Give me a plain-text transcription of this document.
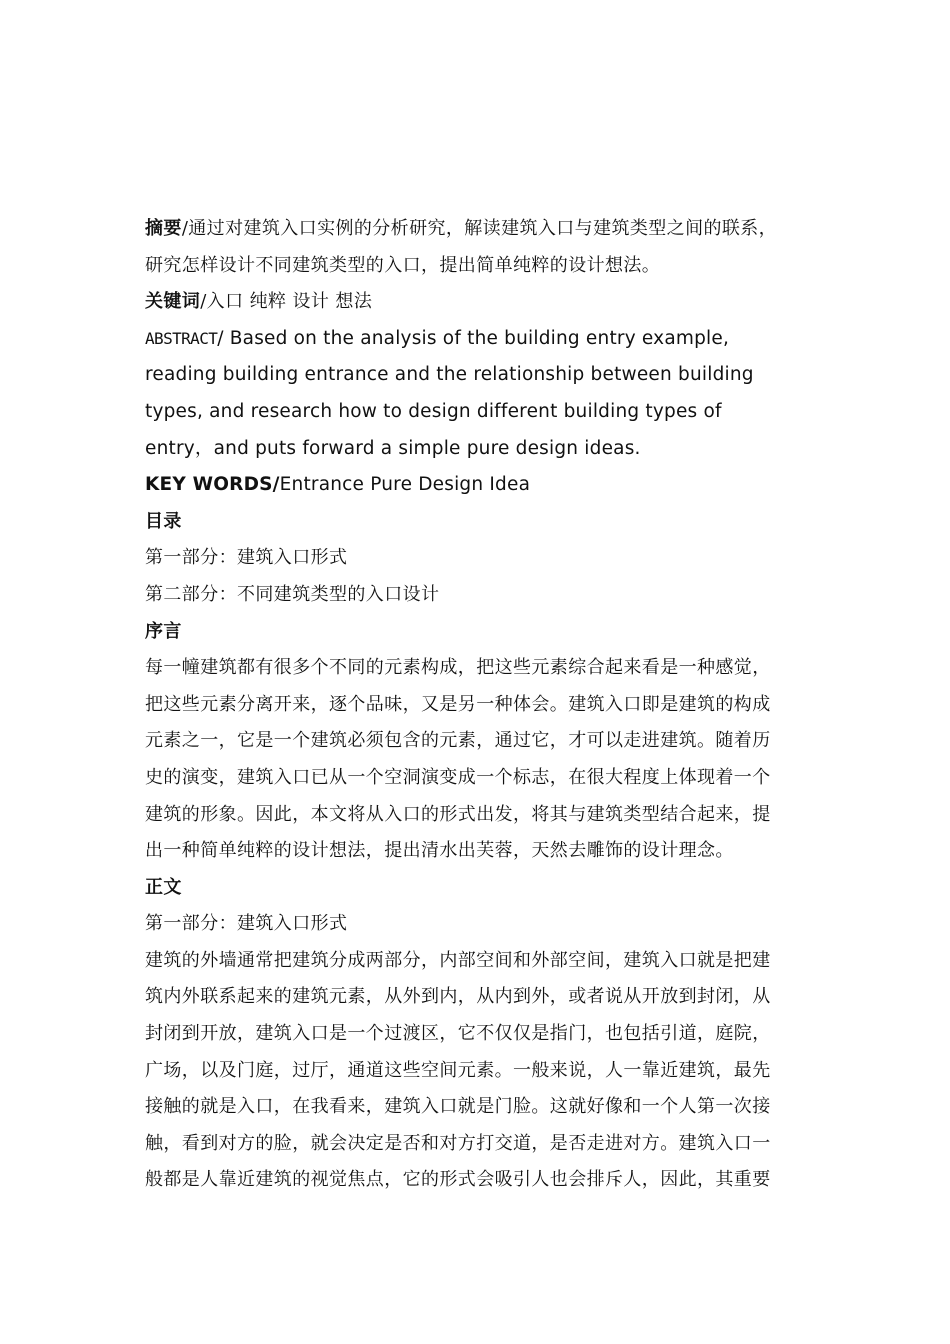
摘要/通过对建筑入口实例的分析研究，解读建筑入口与建筑类型之间的联系，

研究怎样设计不同建筑类型的入口，提出简单纯粹的设计想法。

关键词/入口 纯粹 设计 想法

ABSTRACT/ Based on the analysis of the building entry example,

reading building entrance and the relationship between building

types, and research how to design different building types of

entry，and puts forward a simple pure design ideas.

KEY WORDS/Entrance Pure Design Idea

目录

第一部分：建筑入口形式

第二部分：不同建筑类型的入口设计

序言

每一幢建筑都有很多个不同的元素构成，把这些元素综合起来看是一种感觉，

把这些元素分离开来，逐个品味，又是另一种体会。建筑入口即是建筑的构成

元素之一，它是一个建筑必须包含的元素，通过它，才可以走进建筑。随着历

史的演变，建筑入口已从一个空洞演变成一个标志，在很大程度上体现着一个

建筑的形象。因此，本文将从入口的形式出发，将其与建筑类型结合起来，提

出一种简单纯粹的设计想法，提出清水出芙蓉，天然去雕饰的设计理念。

正文

第一部分：建筑入口形式

建筑的外墙通常把建筑分成两部分，内部空间和外部空间，建筑入口就是把建

筑内外联系起来的建筑元素，从外到内，从内到外，或者说从开放到封闭，从

封闭到开放，建筑入口是一个过渡区，它不仅仅是指门，也包括引道，庭院，

广场，以及门庭，过厅，通道这些空间元素。一般来说，人一靠近建筑，最先

接触的就是入口，在我看来，建筑入口就是门脸。这就好像和一个人第一次接

触，看到对方的脸，就会决定是否和对方打交道，是否走进对方。建筑入口一

般都是人靠近建筑的视觉焦点，它的形式会吸引人也会排斥人，因此，其重要
